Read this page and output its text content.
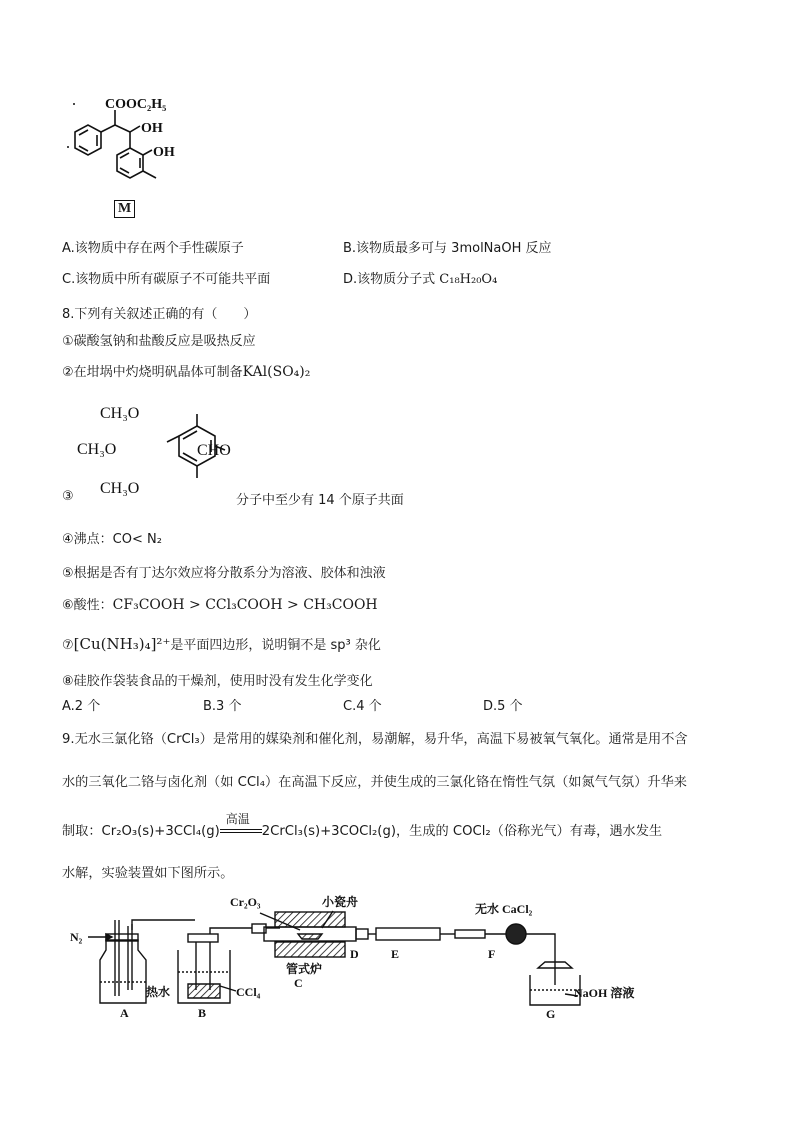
COOC₂H₅
OH
OH
M
A.该物质中存在两个手性碳原子	B.该物质最多可与 3molNaOH 反应
C.该物质中所有碳原子不可能共平面	D.该物质分子式 C₁₈H₂₀O₄
8.下列有关叙述正确的有（　　）
①碳酸氢钠和盐酸反应是吸热反应
②在坩埚中灼烧明矾晶体可制备KAl(SO₄)₂
CH₃O
CH₃O
CH₃O
CHO
③	分子中至少有 14 个原子共面
④沸点：CO< N₂
⑤根据是否有丁达尔效应将分散系分为溶液、胶体和浊液
⑥酸性：CF₃COOH > CCl₃COOH > CH₃COOH
⑦[Cu(NH₃)₄]²⁺是平面四边形，说明铜不是 sp³ 杂化
⑧硅胶作袋装食品的干燥剂，使用时没有发生化学变化
A.2 个	B.3 个	C.4 个	D.5 个
9.无水三氯化铬（CrCl₃）是常用的媒染剂和催化剂，易潮解，易升华，高温下易被氧气氧化。通常是用不含
水的三氧化二铬与卤化剂（如 CCl₄）在高温下反应，并使生成的三氯化铬在惰性气氛（如氮气气氛）升华来
制取：Cr₂O₃(s)+3CCl₄(g)
高温
2CrCl₃(s)+3COCl₂(g)，生成的 COCl₂（俗称光气）有毒，遇水发生
水解，实验装置如下图所示。
N₂
Cr₂O₃	小瓷舟
管式炉
热水	CCl₄
无水 CaCl₂
NaOH 溶液
A	B
C
D	E	F
G
